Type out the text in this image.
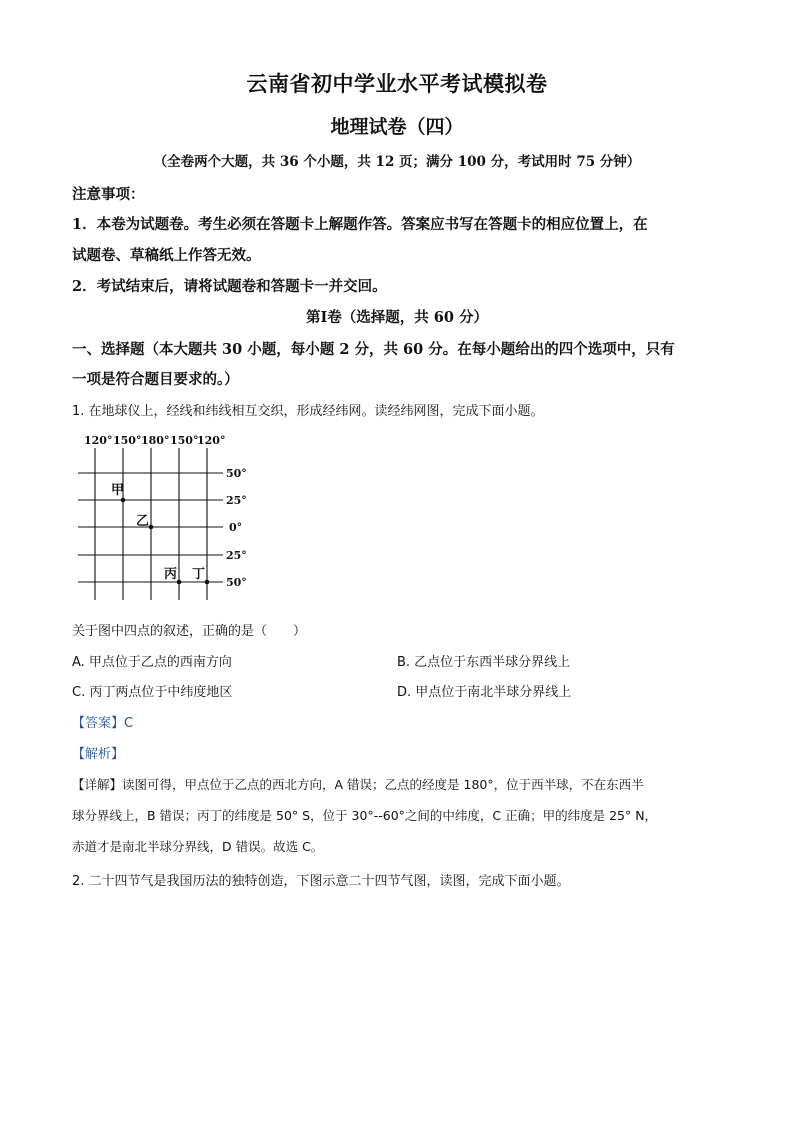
云南省初中学业水平考试模拟卷
地理试卷（四）
（全卷两个大题，共 36 个小题，共 12 页；满分 100 分，考试用时 75 分钟）
注意事项：
1．本卷为试题卷。考生必须在答题卡上解题作答。答案应书写在答题卡的相应位置上，在
试题卷、草稿纸上作答无效。
2．考试结束后，请将试题卷和答题卡一并交回。
第Ⅰ卷（选择题，共 60 分）
一、选择题（本大题共 30 小题，每小题 2 分，共 60 分。在每小题给出的四个选项中，只有
一项是符合题目要求的。）
1. 在地球仪上，经线和纬线相互交织，形成经纬网。读经纬网图，完成下面小题。
120° 150° 180° 150°
120°
50°
25°
0°
25°
50°
甲
乙
丙 丁
关于图中四点的叙述，正确的是（　　）
A. 甲点位于乙点的西南方向	B. 乙点位于东西半球分界线上
C. 丙丁两点位于中纬度地区	D. 甲点位于南北半球分界线上
【答案】C
【解析】
【详解】读图可得，甲点位于乙点的西北方向，A 错误；乙点的经度是 180°，位于西半球，不在东西半
球分界线上，B 错误；丙丁的纬度是 50° S，位于 30°--60°之间的中纬度，C 正确；甲的纬度是 25° N，
赤道才是南北半球分界线，D 错误。故选 C。
2. 二十四节气是我国历法的独特创造，下图示意二十四节气图，读图，完成下面小题。
